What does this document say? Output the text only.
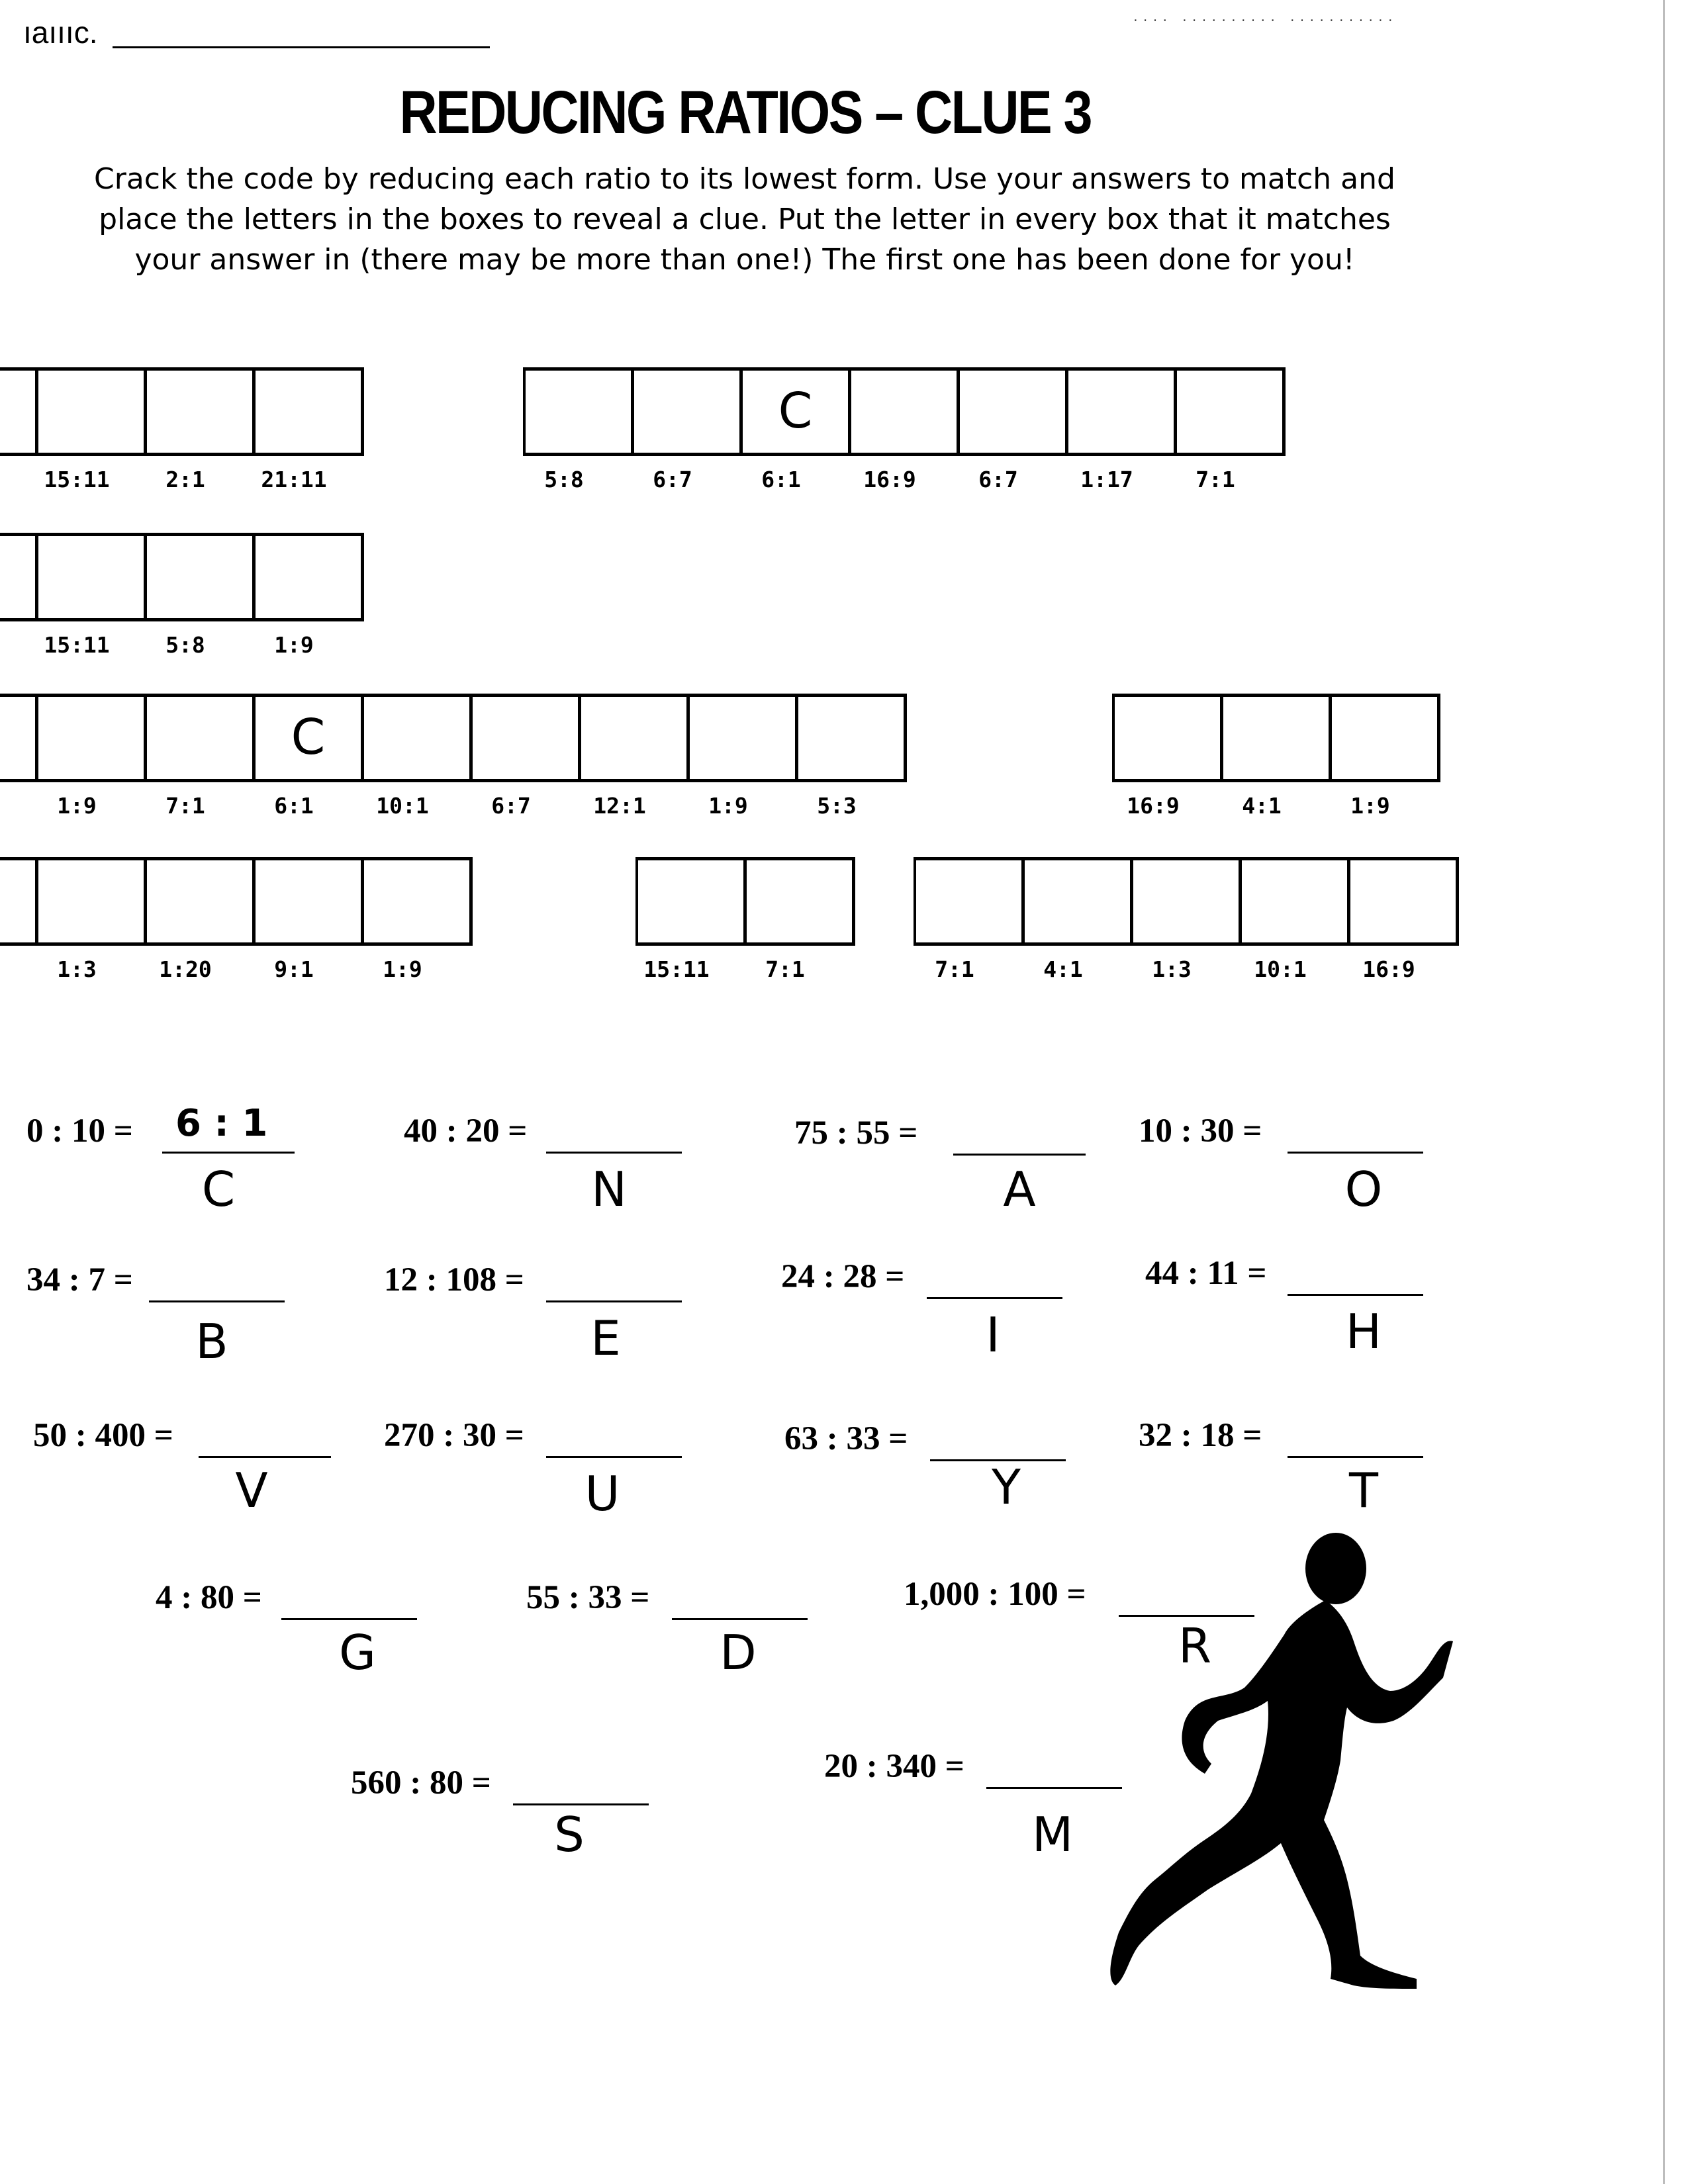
ıaıııc.	···· ·········· ···········
REDUCING RATIOS – CLUE 3
Crack the code by reducing each ratio to its lowest form. Use your answers to match and place the letters in the boxes to reveal a clue. Put the letter in every box that it matches your answer in (there may be more than one!) The first one has been done for you!
15:11	2:1	21:11	5:8	6:7
C
6:1	16:9	6:7	1:17	7:1
15:11	5:8	1:9
1:9	7:1
C
6:1	10:1	6:7	12:1	1:9	5:3	16:9	4:1	1:9
1:3	1:20	9:1	1:9	15:11	7:1	7:1	4:1	1:3	10:1	16:9
0 : 10 = 6 : 1
C
40 : 20 =
N
75 : 55 =
A
10 : 30 =
O
34 : 7 =
B
12 : 108 =
E
24 : 28 =
I
44 : 11 =
H
50 : 400 =
V
270 : 30 =
U
63 : 33 =
Y
32 : 18 =
T
4 : 80 =
G
55 : 33 =
D
1,000 : 100 =
R
560 : 80 =
S
20 : 340 =
M
